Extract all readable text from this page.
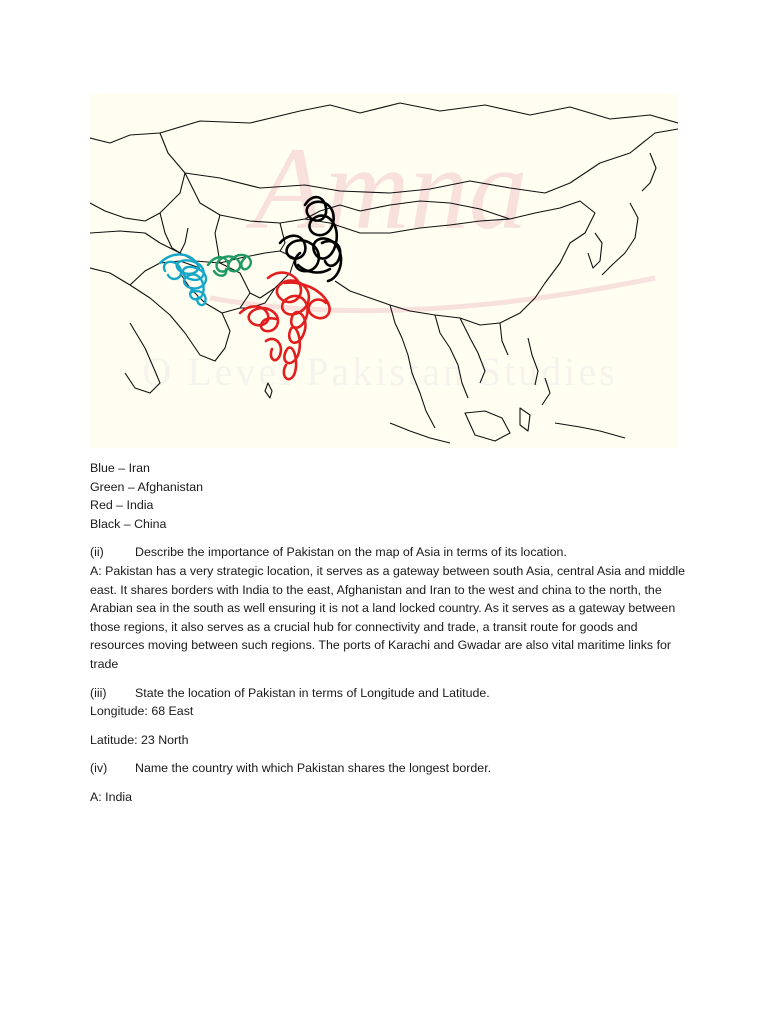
Amna
O Level Pakistan Studies
Blue – Iran
Green – Afghanistan
Red – India
Black – China
(ii)	Describe the importance of Pakistan on the map of Asia in terms of its location.
A: Pakistan has a very strategic location, it serves as a gateway between south Asia, central Asia and middle east. It shares borders with India to the east, Afghanistan and Iran to the west and china to the north, the Arabian sea in the south as well ensuring it is not a land locked country. As it serves as a gateway between those regions, it also serves as a crucial hub for connectivity and trade, a transit route for goods and resources moving between such regions. The ports of Karachi and Gwadar are also vital maritime links for trade
(iii)	State the location of Pakistan in terms of Longitude and Latitude.
Longitude: 68 East
Latitude: 23 North
(iv)	Name the country with which Pakistan shares the longest border.
A: India
